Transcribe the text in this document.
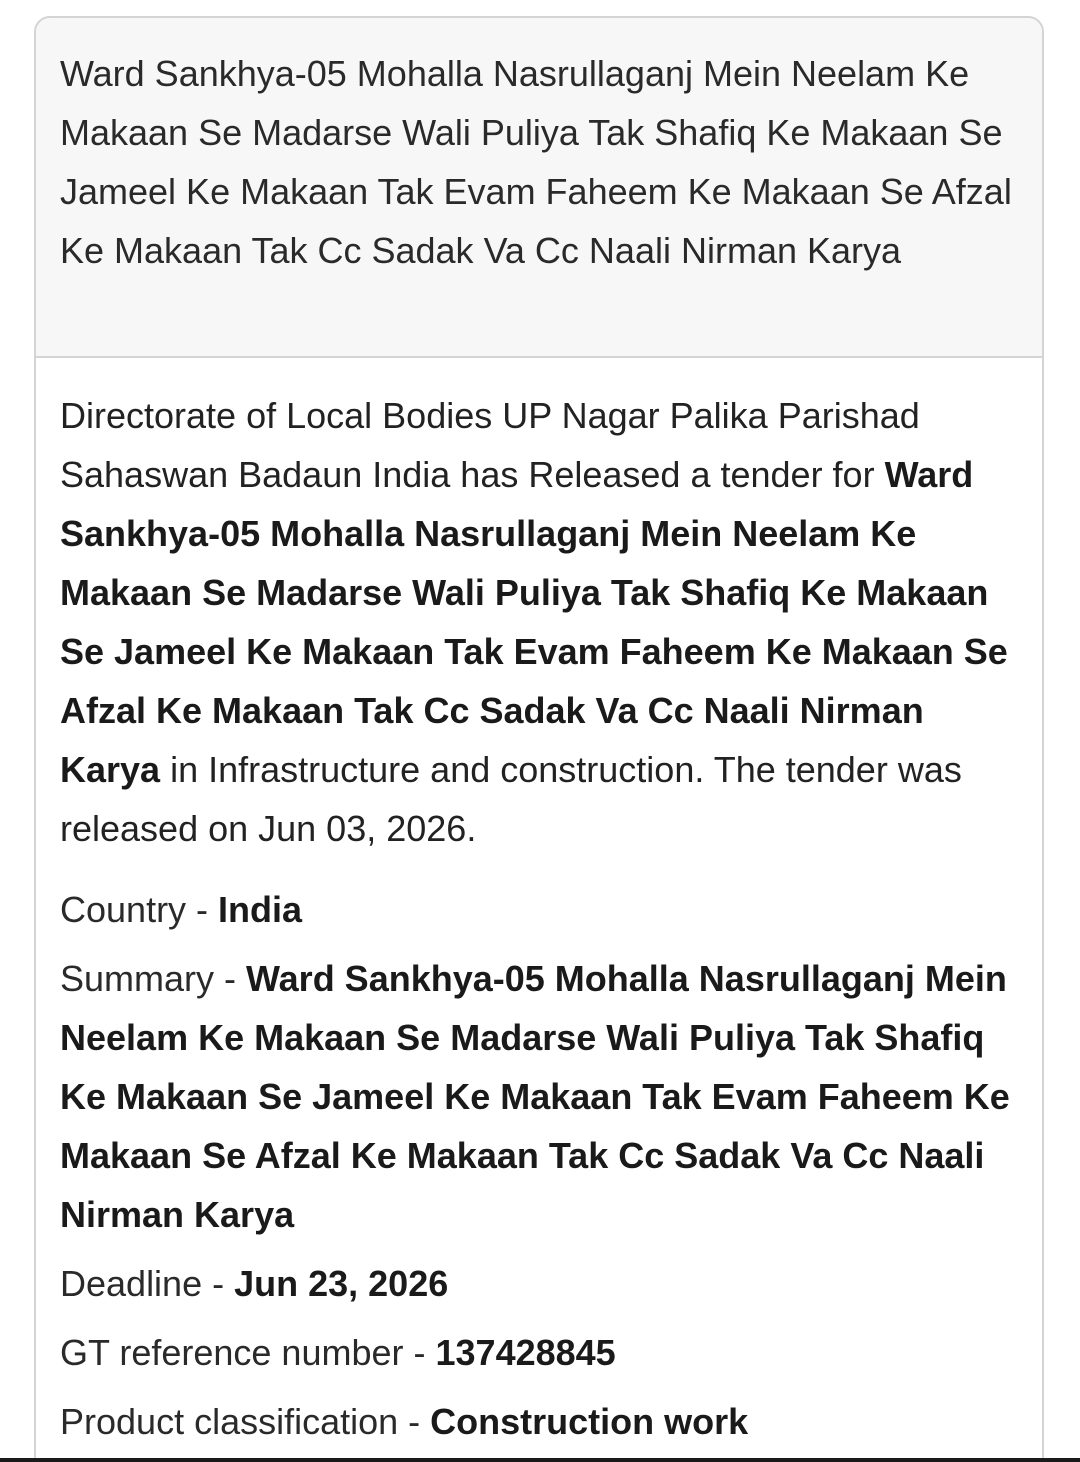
Ward Sankhya-05 Mohalla Nasrullaganj Mein Neelam Ke Makaan Se Madarse Wali Puliya Tak Shafiq Ke Makaan Se Jameel Ke Makaan Tak Evam Faheem Ke Makaan Se Afzal Ke Makaan Tak Cc Sadak Va Cc Naali Nirman Karya

Directorate of Local Bodies UP Nagar Palika Parishad Sahaswan Badaun India has Released a tender for Ward Sankhya-05 Mohalla Nasrullaganj Mein Neelam Ke Makaan Se Madarse Wali Puliya Tak Shafiq Ke Makaan Se Jameel Ke Makaan Tak Evam Faheem Ke Makaan Se Afzal Ke Makaan Tak Cc Sadak Va Cc Naali Nirman Karya in Infrastructure and construction. The tender was released on Jun 03, 2026.

Country - India
Summary - Ward Sankhya-05 Mohalla Nasrullaganj Mein Neelam Ke Makaan Se Madarse Wali Puliya Tak Shafiq Ke Makaan Se Jameel Ke Makaan Tak Evam Faheem Ke Makaan Se Afzal Ke Makaan Tak Cc Sadak Va Cc Naali Nirman Karya
Deadline - Jun 23, 2026
GT reference number - 137428845
Product classification - Construction work
